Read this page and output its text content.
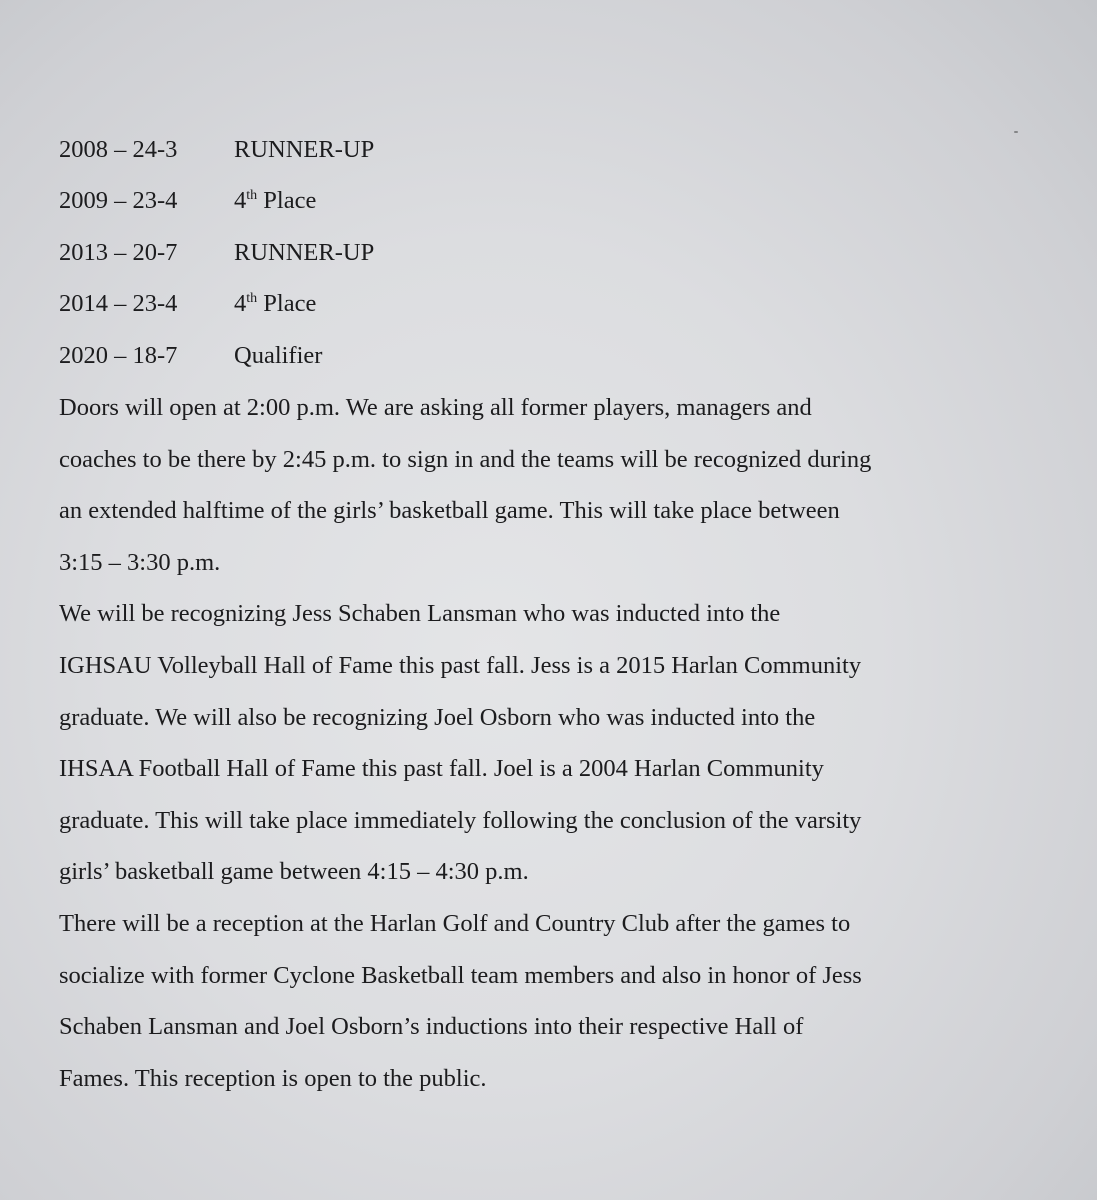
2008 – 24-3	RUNNER-UP
2009 – 23-4	4th Place
2013 – 20-7	RUNNER-UP
2014 – 23-4	4th Place
2020 – 18-7	Qualifier

Doors will open at 2:00 p.m. We are asking all former players, managers and
coaches to be there by 2:45 p.m. to sign in and the teams will be recognized during
an extended halftime of the girls’ basketball game. This will take place between
3:15 – 3:30 p.m.

We will be recognizing Jess Schaben Lansman who was inducted into the
IGHSAU Volleyball Hall of Fame this past fall. Jess is a 2015 Harlan Community
graduate. We will also be recognizing Joel Osborn who was inducted into the
IHSAA Football Hall of Fame this past fall. Joel is a 2004 Harlan Community
graduate. This will take place immediately following the conclusion of the varsity
girls’ basketball game between 4:15 – 4:30 p.m.

There will be a reception at the Harlan Golf and Country Club after the games to
socialize with former Cyclone Basketball team members and also in honor of Jess
Schaben Lansman and Joel Osborn’s inductions into their respective Hall of
Fames. This reception is open to the public.
